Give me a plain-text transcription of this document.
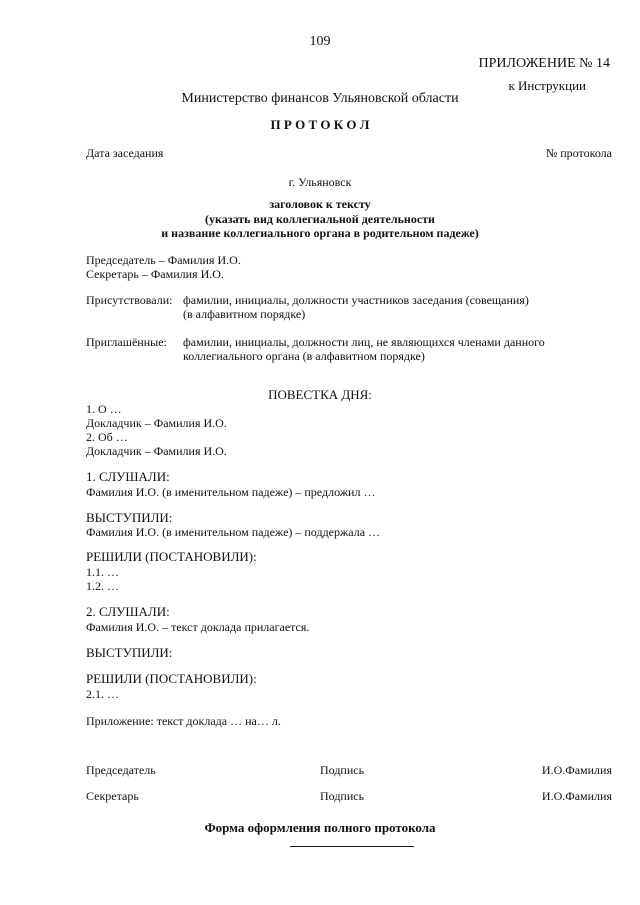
109
ПРИЛОЖЕНИЕ № 14
к Инструкции
Министерство финансов Ульяновской области
П Р О Т О К О Л
Дата заседания	№ протокола
г. Ульяновск
заголовок к тексту
(указать вид коллегиальной деятельности
и название коллегиального органа в родительном падеже)
Председатель – Фамилия И.О.
Секретарь – Фамилия И.О.
Присутствовали: фамилии, инициалы, должности участников заседания (совещания)
(в алфавитном порядке)
Приглашённые: фамилии, инициалы, должности лиц, не являющихся членами данного
коллегиального органа (в алфавитном порядке)
ПОВЕСТКА ДНЯ:
1. О …
Докладчик – Фамилия И.О.
2. Об …
Докладчик – Фамилия И.О.
1. СЛУШАЛИ:
Фамилия И.О. (в именительном падеже) – предложил …
ВЫСТУПИЛИ:
Фамилия И.О. (в именительном падеже) – поддержала …
РЕШИЛИ (ПОСТАНОВИЛИ):
1.1. …
1.2. …
2. СЛУШАЛИ:
Фамилия И.О. – текст доклада прилагается.
ВЫСТУПИЛИ:
РЕШИЛИ (ПОСТАНОВИЛИ):
2.1. …
Приложение: текст доклада … на… л.
Председатель	Подпись	И.О.Фамилия
Секретарь	Подпись	И.О.Фамилия
Форма оформления полного протокола
